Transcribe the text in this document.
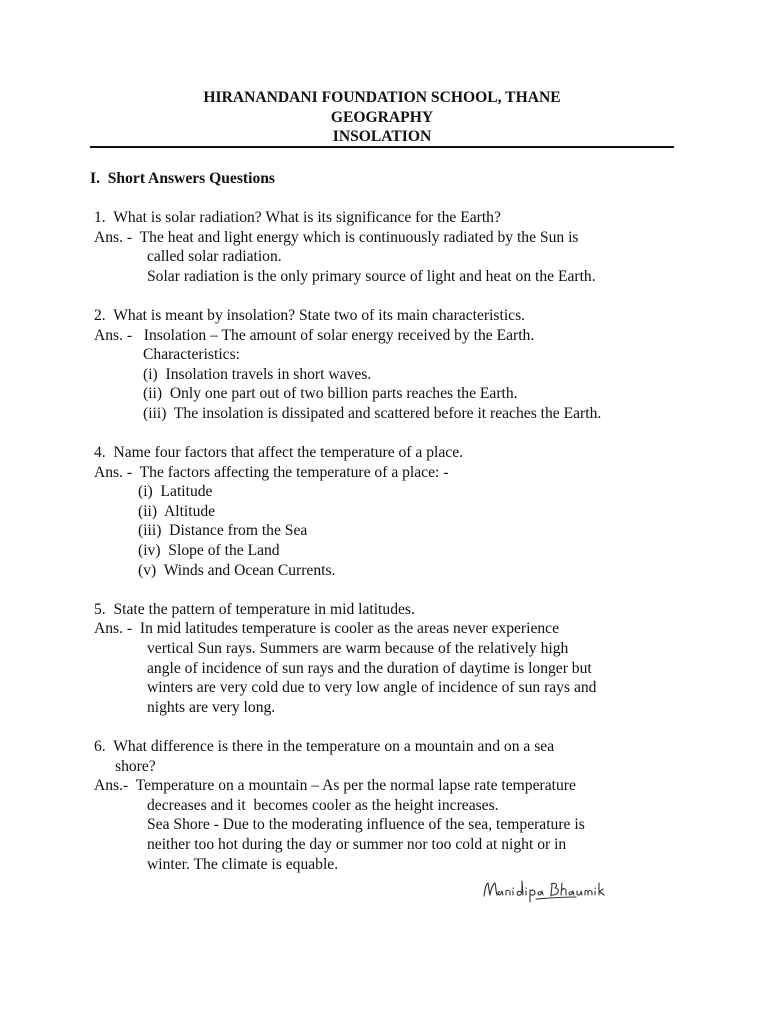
HIRANANDANI FOUNDATION SCHOOL, THANE
GEOGRAPHY
INSOLATION
I.  Short Answers Questions
1.  What is solar radiation? What is its significance for the Earth?
Ans. -  The heat and light energy which is continuously radiated by the Sun is
called solar radiation.
Solar radiation is the only primary source of light and heat on the Earth.
2.  What is meant by insolation? State two of its main characteristics.
Ans. -   Insolation – The amount of solar energy received by the Earth.
Characteristics:
(i)  Insolation travels in short waves.
(ii)  Only one part out of two billion parts reaches the Earth.
(iii)  The insolation is dissipated and scattered before it reaches the Earth.
4.  Name four factors that affect the temperature of a place.
Ans. -  The factors affecting the temperature of a place: -
(i)  Latitude
(ii)  Altitude
(iii)  Distance from the Sea
(iv)  Slope of the Land
(v)  Winds and Ocean Currents.
5.  State the pattern of temperature in mid latitudes.
Ans. -  In mid latitudes temperature is cooler as the areas never experience
vertical Sun rays. Summers are warm because of the relatively high
angle of incidence of sun rays and the duration of daytime is longer but
winters are very cold due to very low angle of incidence of sun rays and
nights are very long.
6.  What difference is there in the temperature on a mountain and on a sea
shore?
Ans.-  Temperature on a mountain – As per the normal lapse rate temperature
decreases and it  becomes cooler as the height increases.
Sea Shore - Due to the moderating influence of the sea, temperature is
neither too hot during the day or summer nor too cold at night or in
winter. The climate is equable.
